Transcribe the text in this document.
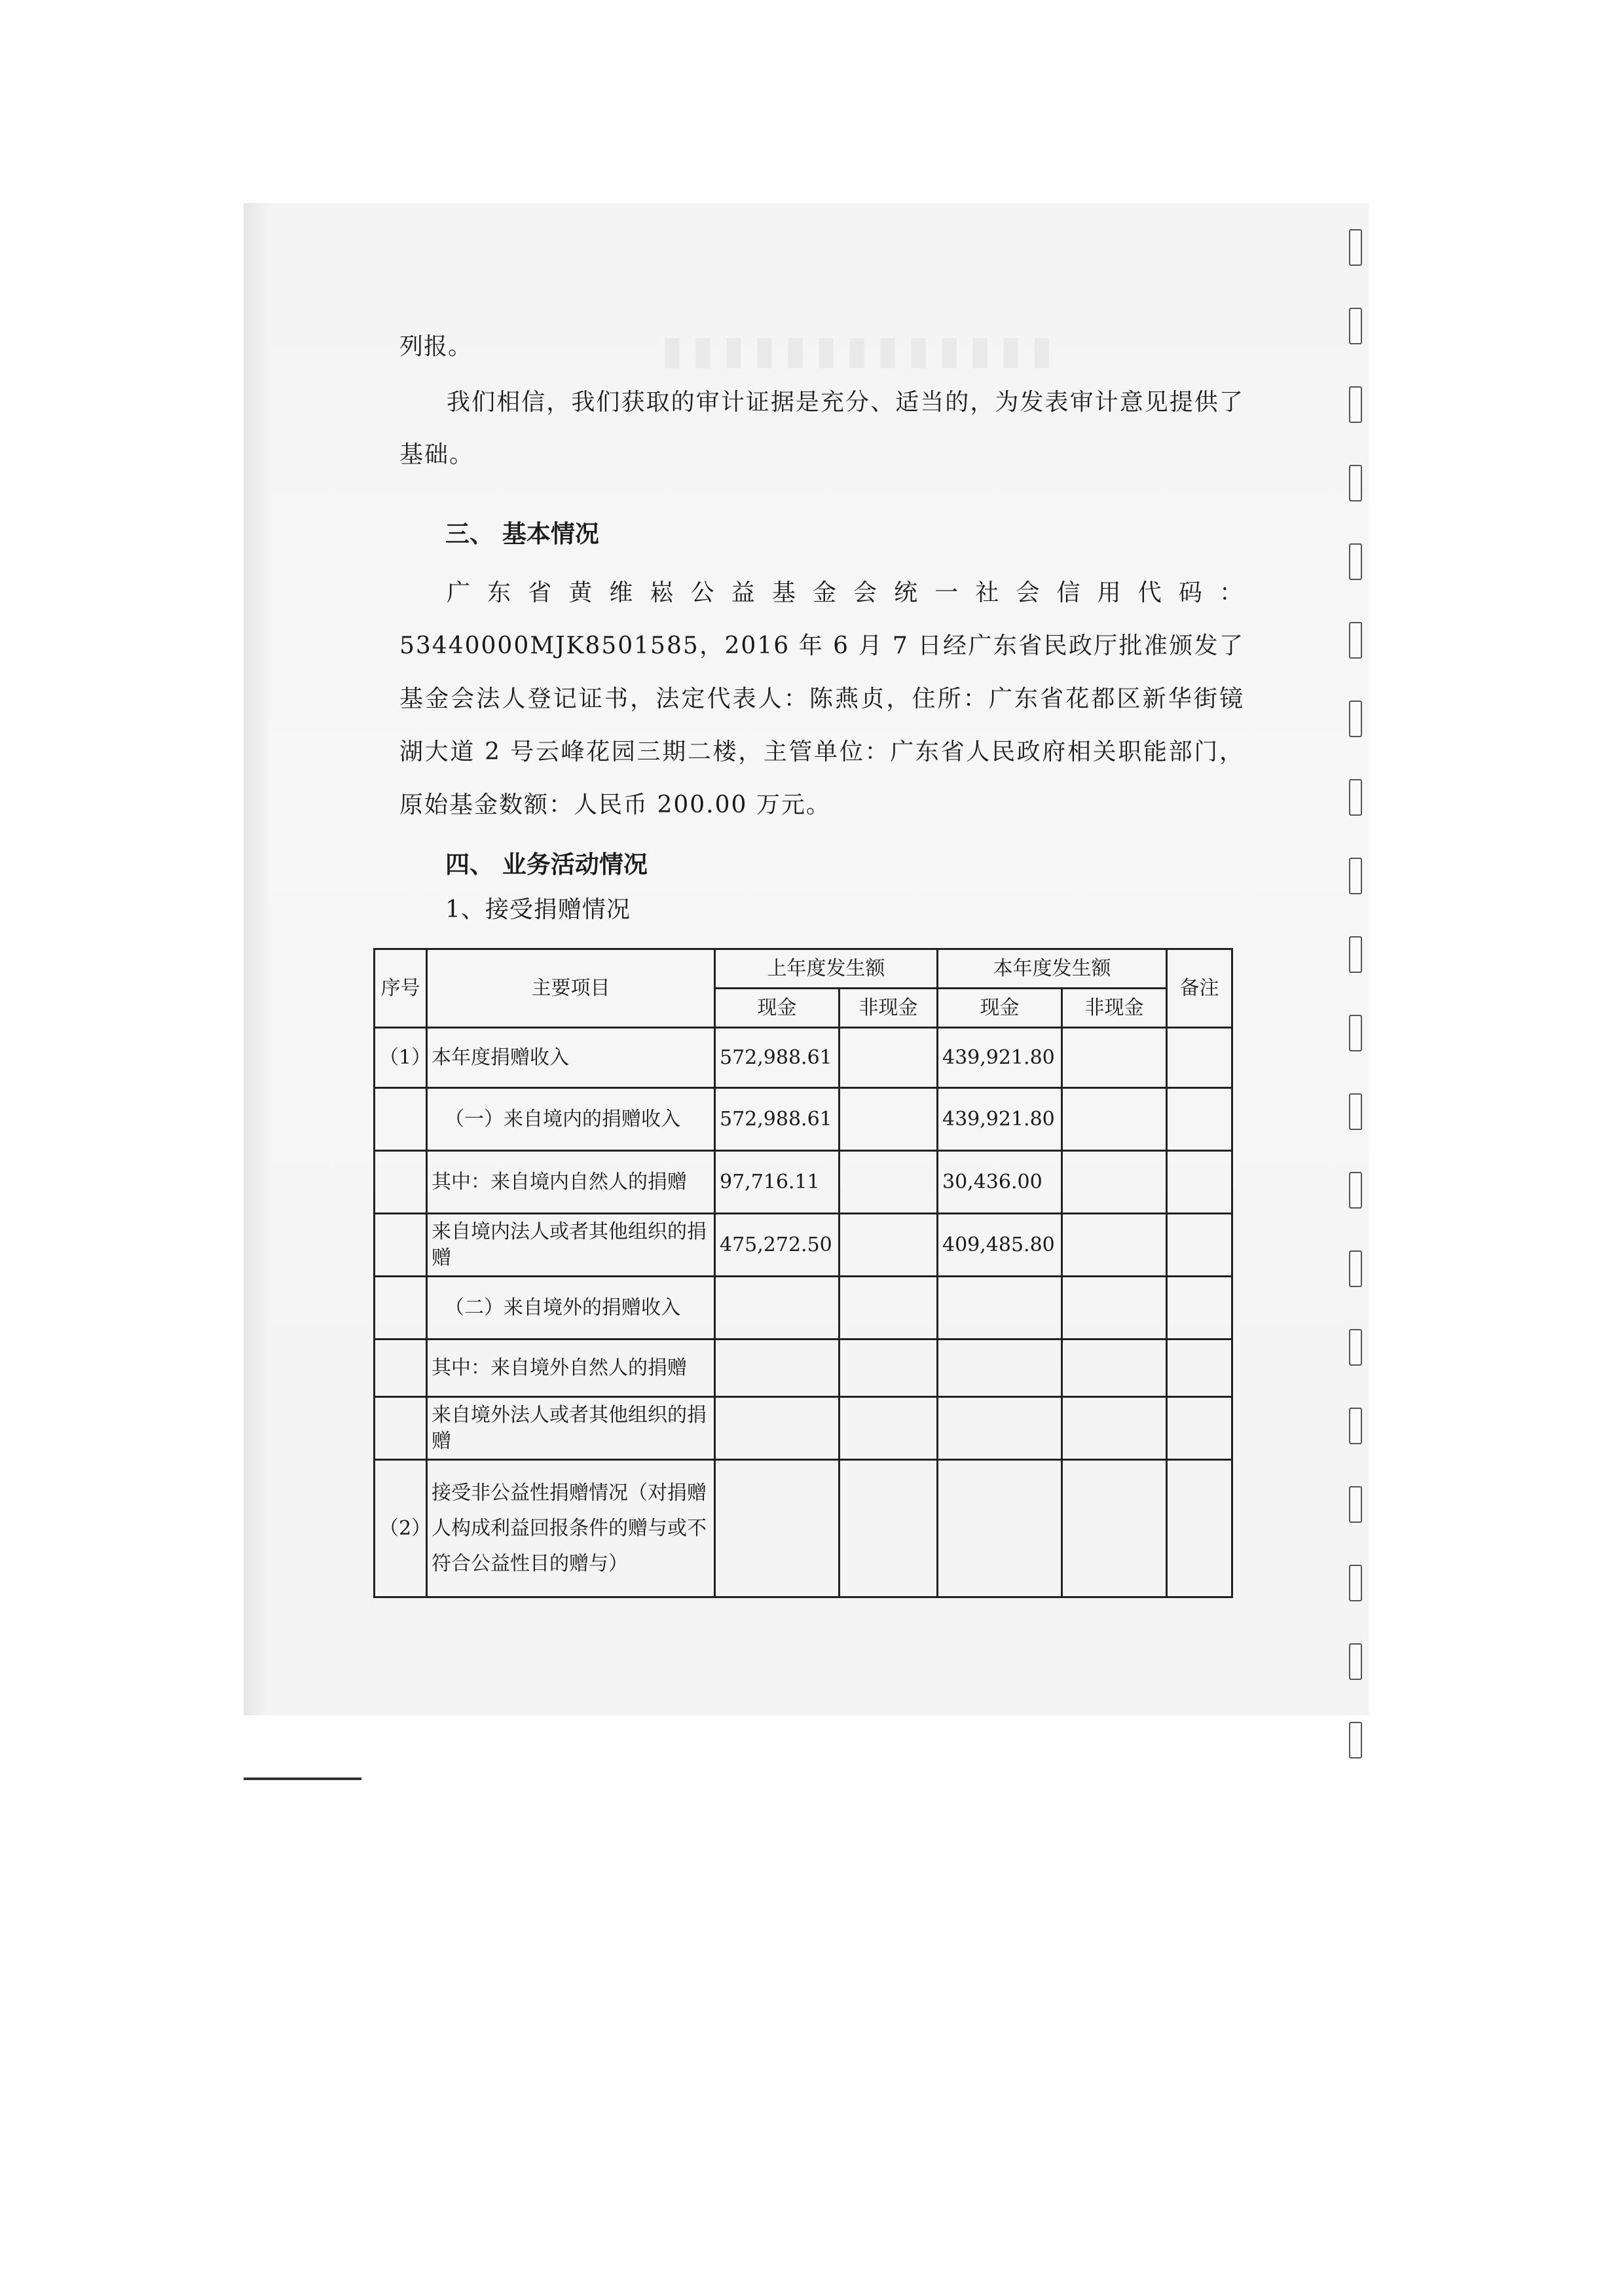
▮▮▮▮▮▮▮▮▮▮▮▮▮
列报。
我们相信，我们获取的审计证据是充分、适当的，为发表审计意见提供了基础。
三、 基本情况
广东省黄维崧公益基金会统一社会信用代码：53440000MJK8501585，2016 年 6 月 7 日经广东省民政厅批准颁发了基金会法人登记证书，法定代表人：陈燕贞，住所：广东省花都区新华街镜湖大道 2 号云峰花园三期二楼，主管单位：广东省人民政府相关职能部门，原始基金数额：人民币 200.00 万元。
四、 业务活动情况
1、接受捐赠情况
序号	主要项目	上年度发生额		本年度发生额		备注
		现金	非现金	现金	非现金	
（1）	本年度捐赠收入	572,988.61		439,921.80		
	（一）来自境内的捐赠收入	572,988.61		439,921.80		
	其中：来自境内自然人的捐赠	97,716.11		30,436.00		
	来自境内法人或者其他组织的捐赠	475,272.50		409,485.80		
	（二）来自境外的捐赠收入					
	其中：来自境外自然人的捐赠					
	来自境外法人或者其他组织的捐赠					
（2）	接受非公益性捐赠情况（对捐赠人构成利益回报条件的赠与或不符合公益性目的赠与）					
